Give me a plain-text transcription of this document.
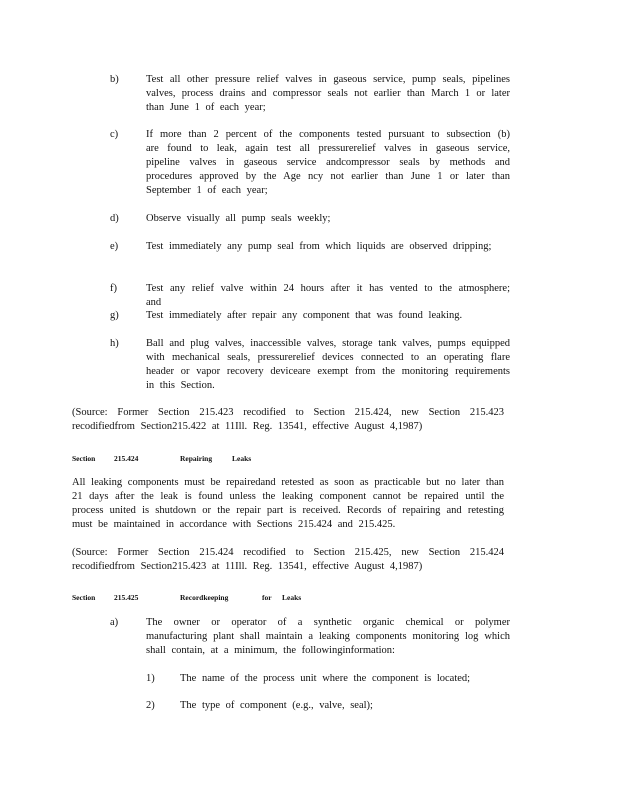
b)	Test all other pressure relief valves in gaseous service, pump seals, pipelines valves, process drains and compressor seals not earlier than March 1 or later than June 1 of each year;
c)	If more than 2 percent of the components tested pursuant to subsection (b) are found to leak, again test all pressurerelief valves in gaseous service, pipeline valves in gaseous service andcompressor seals by methods and procedures approved by the Age ncy not earlier than June 1 or later than September 1 of each year;
d)	Observe visually all pump seals weekly;
e)	Test immediately any pump seal from which liquids are observed dripping;
f)	Test any relief valve within 24 hours after it has vented to the atmosphere; and
g)	Test immediately after repair any component that was found leaking.
h)	Ball and plug valves, inaccessible valves, storage tank valves, pumps equipped with mechanical seals, pressurerelief devices connected to an operating flare header or vapor recovery deviceare exempt from the monitoring requirements in this Section.
(Source: Former Section 215.423 recodified to Section 215.424, new Section 215.423 recodifiedfrom Section215.422 at 11Ill. Reg. 13541, effective August 4,1987)
Section 215.424	Repairing	Leaks
All leaking components must be repairedand retested as soon as practicable but no later than 21 days after the leak is found unless the leaking component cannot be repaired until the process united is shutdown or the repair part is received. Records of repairing and retesting must be maintained in accordance with Sections 215.424 and 215.425.
(Source: Former Section 215.424 recodified to Section 215.425, new Section 215.424 recodifiedfrom Section215.423 at 11Ill. Reg. 13541, effective August 4,1987)
Section 215.425	Recordkeeping	for Leaks
a)	The owner or operator of a synthetic organic chemical or polymer manufacturing plant shall maintain a leaking components monitoring log which shall contain, at a minimum, the followinginformation:
1) The name of the process unit where the component is located;
2) The type of component (e.g., valve, seal);
